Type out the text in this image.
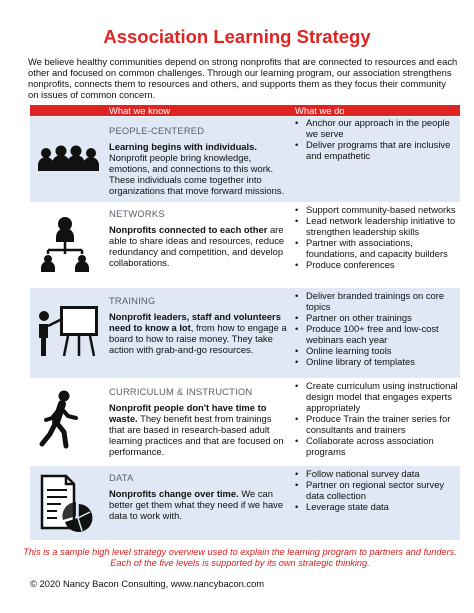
Association Learning Strategy

We believe healthy communities depend on strong nonprofits that are connected to resources and each other and focused on common challenges. Through our learning program, our association strengthens nonprofits, connects them to resources and others, and supports them as they focus their community on issues of common concern.

What we know	What we do
PEOPLE-CENTERED
Learning begins with individuals. Nonprofit people bring knowledge, emotions, and connections to this work. These individuals come together into organizations that move forward missions.
• Anchor our approach in the people we serve
• Deliver programs that are inclusive and empathetic
NETWORKS
Nonprofits connected to each other are able to share ideas and resources, reduce redundancy and competition, and develop collaborations.
• Support community-based networks
• Lead network leadership initiative to strengthen leadership skills
• Partner with associations, foundations, and capacity builders
• Produce conferences
TRAINING
Nonprofit leaders, staff and volunteers need to know a lot, from how to engage a board to how to raise money. They take action with grab-and-go resources.
• Deliver branded trainings on core topics
• Partner on other trainings
• Produce 100+ free and low-cost webinars each year
• Online learning tools
• Online library of templates
CURRICULUM & INSTRUCTION
Nonprofit people don't have time to waste. They benefit best from trainings that are based in research-based adult learning practices and that are focused on performance.
• Create curriculum using instructional design model that engages experts appropriately
• Produce Train the trainer series for consultants and trainers
• Collaborate across association programs
DATA
Nonprofits change over time. We can better get them what they need if we have data to work with.
• Follow national survey data
• Partner on regional sector survey data collection
• Leverage state data

This is a sample high level strategy overview used to explain the learning program to partners and funders. Each of the five levels is supported by its own strategic thinking.

© 2020 Nancy Bacon Consulting, www.nancybacon.com
